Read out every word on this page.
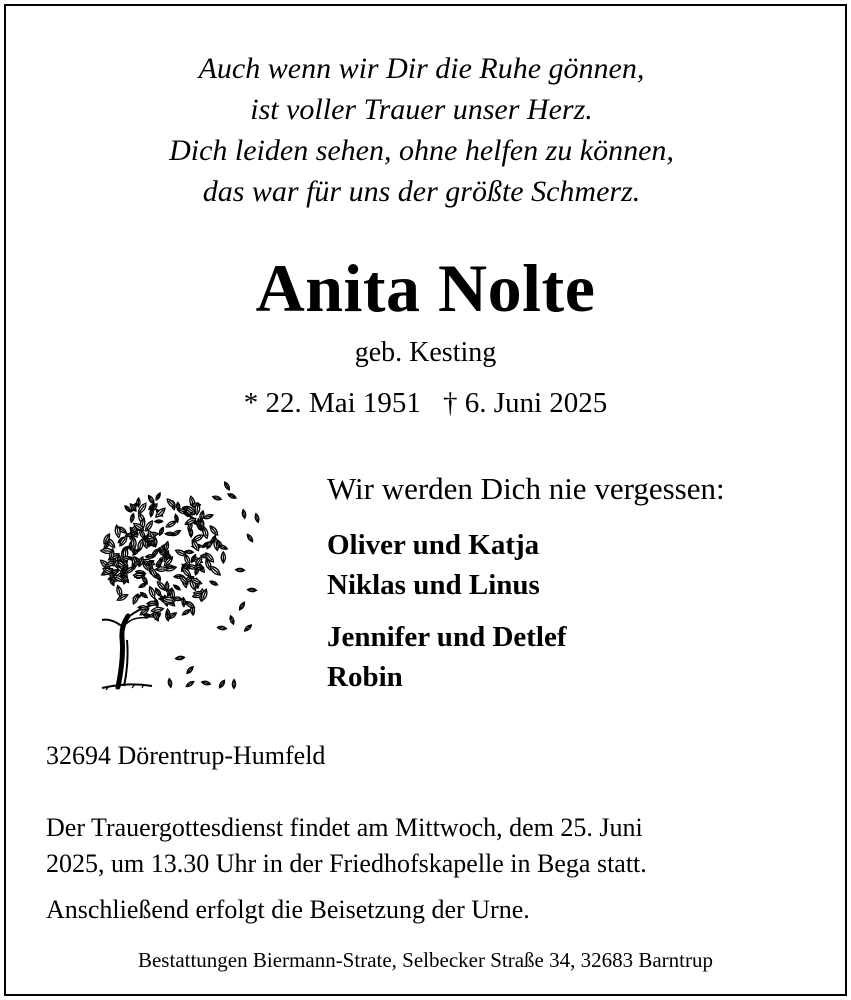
Auch wenn wir Dir die Ruhe gönnen,
ist voller Trauer unser Herz.
Dich leiden sehen, ohne helfen zu können,
das war für uns der größte Schmerz.
Anita Nolte
geb. Kesting
* 22. Mai 1951 † 6. Juni 2025
Wir werden Dich nie vergessen:
Oliver und Katja
Niklas und Linus
Jennifer und Detlef
Robin
32694 Dörentrup-Humfeld
Der Trauergottesdienst findet am Mittwoch, dem 25. Juni
2025, um 13.30 Uhr in der Friedhofskapelle in Bega statt.
Anschließend erfolgt die Beisetzung der Urne.
Bestattungen Biermann-Strate, Selbecker Straße 34, 32683 Barntrup
